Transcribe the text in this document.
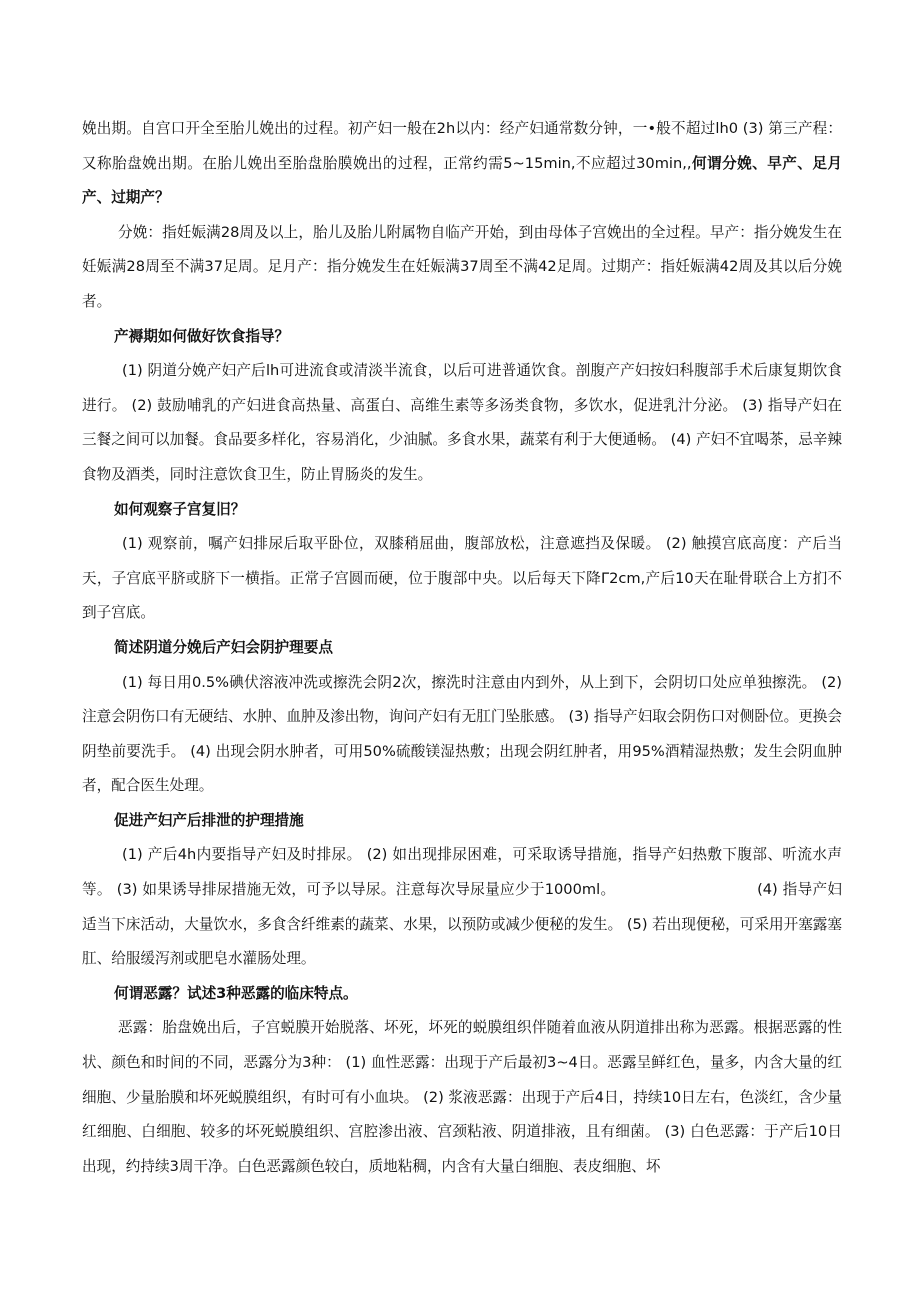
娩出期。自宫口开全至胎儿娩出的过程。初产妇一般在2h以内：经产妇通常数分钟，一•般不超过lh0 (3) 第三产程：又称胎盘娩出期。在胎儿娩出至胎盘胎膜娩出的过程，正常约需5~15min,不应超过30min,,何谓分娩、早产、足月产、过期产？

分娩：指妊娠满28周及以上，胎儿及胎儿附属物自临产开始，到由母体子宫娩出的全过程。早产：指分娩发生在妊娠满28周至不满37足周。足月产：指分娩发生在妊娠满37周至不满42足周。过期产：指妊娠满42周及其以后分娩者。

产褥期如何做好饮食指导？

(1) 阴道分娩产妇产后lh可进流食或清淡半流食，以后可进普通饮食。剖腹产产妇按妇科腹部手术后康复期饮食进行。 (2) 鼓励哺乳的产妇进食高热量、高蛋白、高维生素等多汤类食物，多饮水，促进乳汁分泌。 (3) 指导产妇在三餐之间可以加餐。食品要多样化，容易消化，少油腻。多食水果，蔬菜有利于大便通畅。 (4) 产妇不宜喝茶，忌辛辣食物及酒类，同时注意饮食卫生，防止胃肠炎的发生。

如何观察子宫复旧？

(1) 观察前，嘱产妇排尿后取平卧位，双膝稍屈曲，腹部放松，注意遮挡及保暖。 (2) 触摸宫底高度：产后当天，子宫底平脐或脐下一横指。正常子宫圆而硬，位于腹部中央。以后每天下降Γ2cm,产后10天在耻骨联合上方扪不到子宫底。

简述阴道分娩后产妇会阴护理要点

(1) 每日用0.5%碘伏溶液冲洗或擦洗会阴2次，擦洗时注意由内到外，从上到下，会阴切口处应单独擦洗。 (2) 注意会阴伤口有无硬结、水肿、血肿及渗出物，询问产妇有无肛门坠胀感。 (3) 指导产妇取会阴伤口对侧卧位。更换会阴垫前要洗手。 (4) 出现会阴水肿者，可用50%硫酸镁湿热敷；出现会阴红肿者，用95%酒精湿热敷；发生会阴血肿者，配合医生处理。

促进产妇产后排泄的护理措施

(1) 产后4h内要指导产妇及时排尿。 (2) 如出现排尿困难，可采取诱导措施，指导产妇热敷下腹部、听流水声等。 (3) 如果诱导排尿措施无效，可予以导尿。注意每次导尿量应少于1000ml。　　　　　　　　　　(4) 指导产妇适当下床活动，大量饮水，多食含纤维素的蔬菜、水果，以预防或减少便秘的发生。 (5) 若出现便秘，可采用开塞露塞肛、给服缓泻剂或肥皂水灌肠处理。

何谓恶露？试述3种恶露的临床特点。

恶露：胎盘娩出后，子宫蜕膜开始脱落、坏死，坏死的蜕膜组织伴随着血液从阴道排出称为恶露。根据恶露的性状、颜色和时间的不同，恶露分为3种： (1) 血性恶露：出现于产后最初3~4日。恶露呈鲜红色，量多，内含大量的红细胞、少量胎膜和坏死蜕膜组织，有时可有小血块。 (2) 浆液恶露：出现于产后4日，持续10日左右，色淡红，含少量红细胞、白细胞、较多的坏死蜕膜组织、宫腔渗出液、宫颈粘液、阴道排液，且有细菌。 (3) 白色恶露：于产后10日出现，约持续3周干净。白色恶露颜色较白，质地粘稠，内含有大量白细胞、表皮细胞、坏
